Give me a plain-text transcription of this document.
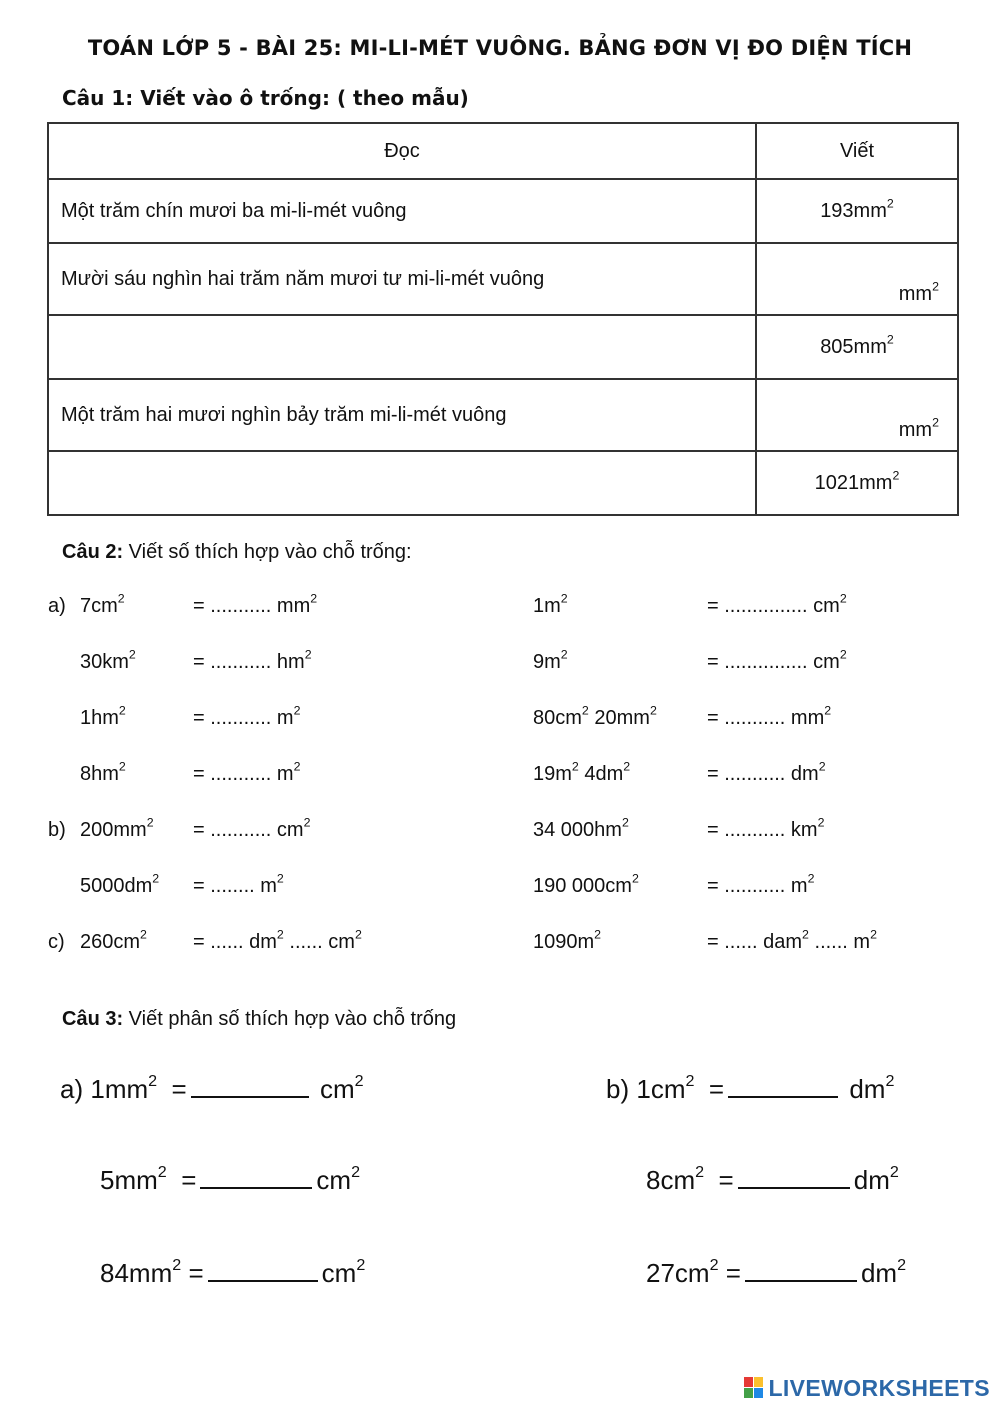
TOÁN LỚP 5 - BÀI 25: MI-LI-MÉT VUÔNG. BẢNG ĐƠN VỊ ĐO DIỆN TÍCH
Câu 1: Viết vào ô trống: ( theo mẫu)
Đọc	Viết
Một trăm chín mươi ba mi-li-mét vuông	$193mm^2$
Mười sáu nghìn hai trăm năm mươi tư mi-li-mét vuông	$mm^2$
	$805mm^2$
Một trăm hai mươi nghìn bảy trăm mi-li-mét vuông	$mm^2$
	$1021mm^2$
Câu 2: Viết số thích hợp vào chỗ trống:
a) $7cm^2$	= ........... $mm^2$	$1m^2$	= ............... $cm^2$
$30km^2$	= ........... $hm^2$	$9m^2$	= ............... $cm^2$
$1hm^2$	= ........... $m^2$	$80cm^2$ $20mm^2$	= ........... $mm^2$
$8hm^2$	= ........... $m^2$	$19m^2$ $4dm^2$	= ........... $dm^2$
b) $200mm^2$ = ........... $cm^2$	34 $000hm^2$	= ........... $km^2$
$5000dm^2$ = ........ $m^2$	190 $000cm^2$	= ........... $m^2$
c) $260cm^2$ = ...... $dm^2$ ...... $cm^2$	$1090m^2$	= ...... dam$^2$ ...... $m^2$
Câu 3: Viết phân số thích hợp vào chỗ trống
a) $1mm^2$  =	$cm^2$
$5mm^2$  =	$cm^2$
$84mm^2$ =	$cm^2$
b) $1cm^2$  =	$dm^2$
$8cm^2$  =	$dm^2$
$27cm^2$ =	$dm^2$
LIVEWORKSHEETS
